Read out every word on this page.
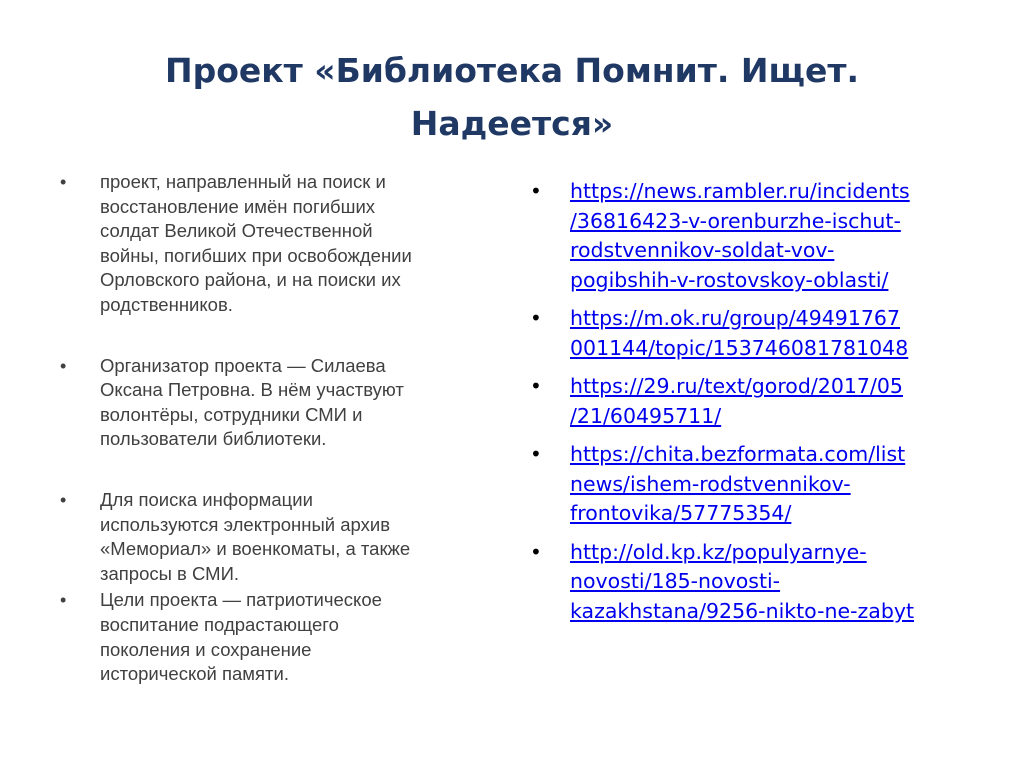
Проект «Библиотека Помнит. Ищет.
Надеется»
• проект, направленный на поиск и
восстановление имён погибших
солдат Великой Отечественной
войны, погибших при освобождении
Орловского района, и на поиски их
родственников.
• Организатор проекта — Силаева
Оксана Петровна. В нём участвуют
волонтёры, сотрудники СМИ и
пользователи библиотеки.
• Для поиска информации
используются электронный архив
«Мемориал» и военкоматы, а также
запросы в СМИ.
• Цели проекта — патриотическое
воспитание подрастающего
поколения и сохранение
исторической памяти.
• https://news.rambler.ru/incidents
/36816423-v-orenburzhe-ischut-
rodstvennikov-soldat-vov-
pogibshih-v-rostovskoy-oblasti/
• https://m.ok.ru/group/49491767
001144/topic/153746081781048
• https://29.ru/text/gorod/2017/05
/21/60495711/
• https://chita.bezformata.com/list
news/ishem-rodstvennikov-
frontovika/57775354/
• http://old.kp.kz/populyarnye-
novosti/185-novosti-
kazakhstana/9256-nikto-ne-zabyt
